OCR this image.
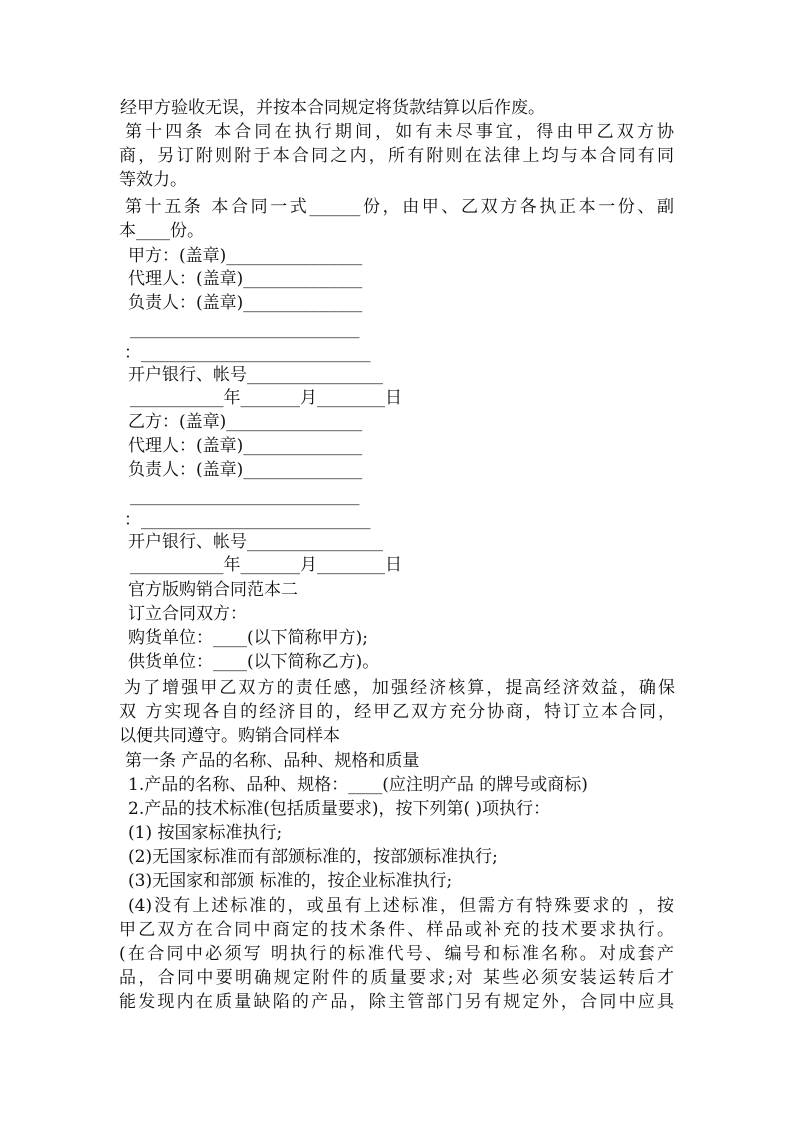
经甲方验收无误，并按本合同规定将货款结算以后作废。
第十四条 本合同在执行期间，如有未尽事宜，得由甲乙双方协
商，另订附则附于本合同之内，所有附则在法律上均与本合同有同
等效力。
第十五条 本合同一式______份，由甲、乙双方各执正本一份、副
本____份。
甲方：(盖章)________________
代理人：(盖章)______________
负责人：(盖章)______________
___________________________
：___________________________
开户银行、帐号________________
___________年_______月________日
乙方：(盖章)________________
代理人：(盖章)______________
负责人：(盖章)______________
___________________________
：___________________________
开户银行、帐号________________
___________年_______月________日
官方版购销合同范本二
订立合同双方：
购货单位：____(以下简称甲方);
供货单位：____(以下简称乙方)。
为了增强甲乙双方的责任感，加强经济核算，提高经济效益，确保
双 方实现各自的经济目的，经甲乙双方充分协商，特订立本合同，
以便共同遵守。购销合同样本
第一条 产品的名称、品种、规格和质量
1.产品的名称、品种、规格：____(应注明产品 的牌号或商标)
2.产品的技术标准(包括质量要求)，按下列第( )项执行：
(1) 按国家标准执行;
(2)无国家标准而有部颁标准的，按部颁标准执行;
(3)无国家和部颁 标准的，按企业标准执行;
(4)没有上述标准的，或虽有上述标准，但需方有特殊要求的 ，按
甲乙双方在合同中商定的技术条件、样品或补充的技术要求执行。
(在合同中必须写 明执行的标准代号、编号和标准名称。对成套产
品，合同中要明确规定附件的质量要求;对 某些必须安装运转后才
能发现内在质量缺陷的产品，除主管部门另有规定外，合同中应具
